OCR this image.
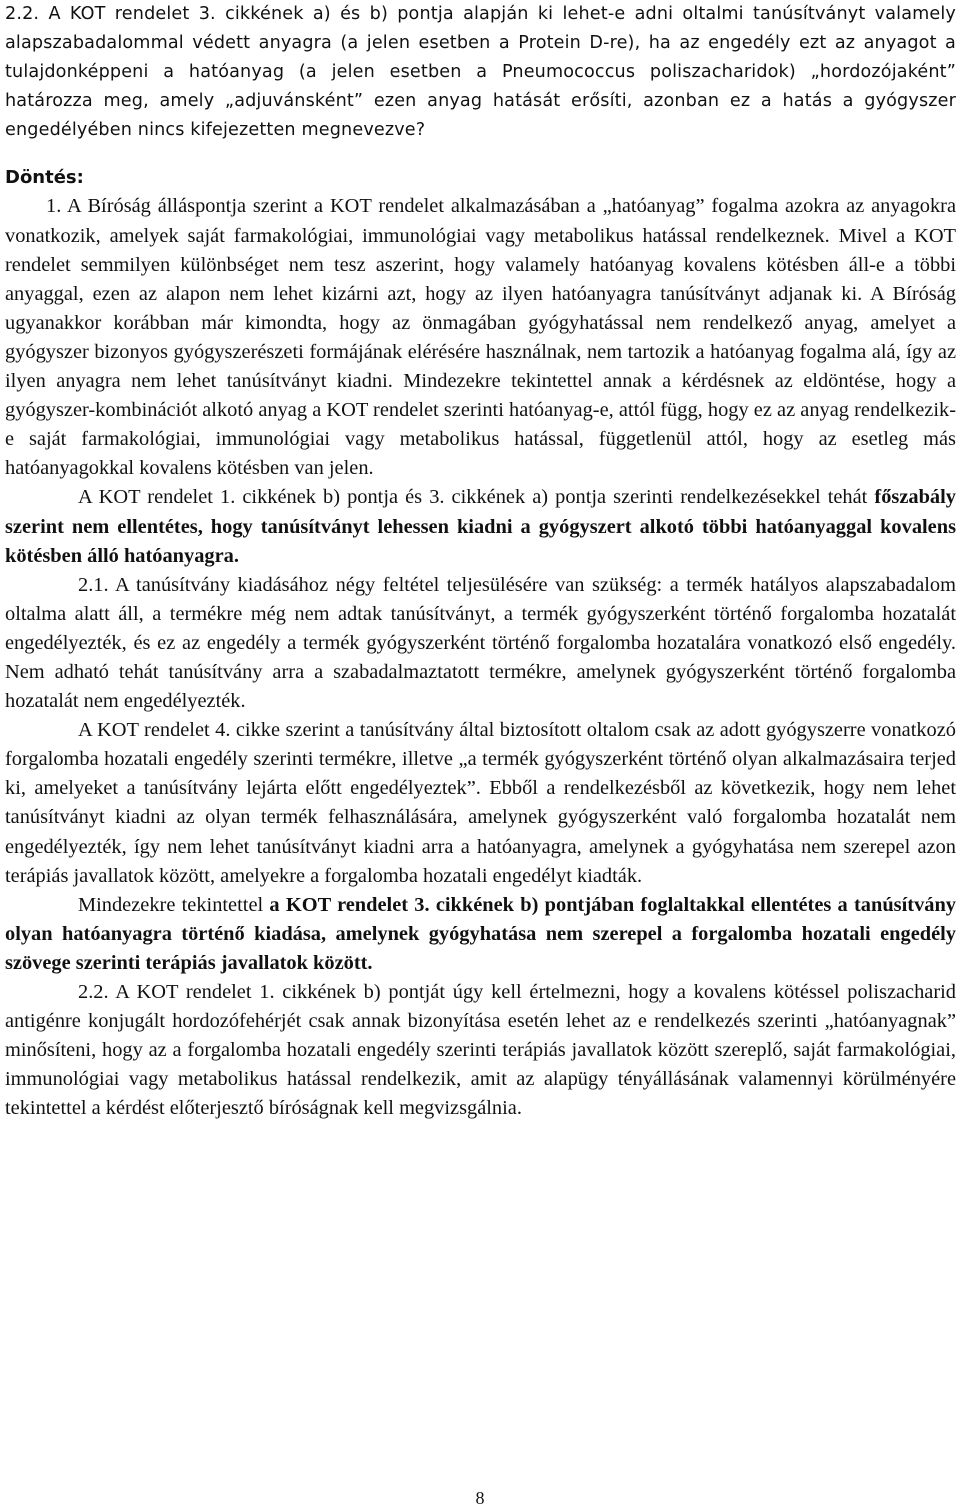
2.2. A KOT rendelet 3. cikkének a) és b) pontja alapján ki lehet-e adni oltalmi tanúsítványt valamely alapszabadalommal védett anyagra (a jelen esetben a Protein D-re), ha az engedély ezt az anyagot a tulajdonképpeni a hatóanyag (a jelen esetben a Pneumococcus poliszacharidok) „hordozójaként” határozza meg, amely „adjuvánsként” ezen anyag hatását erősíti, azonban ez a hatás a gyógyszer engedélyében nincs kifejezetten megnevezve?

Döntés:

1. A Bíróság álláspontja szerint a KOT rendelet alkalmazásában a „hatóanyag” fogalma azokra az anyagokra vonatkozik, amelyek saját farmakológiai, immunológiai vagy metabolikus hatással rendelkeznek. Mivel a KOT rendelet semmilyen különbséget nem tesz aszerint, hogy valamely hatóanyag kovalens kötésben áll-e a többi anyaggal, ezen az alapon nem lehet kizárni azt, hogy az ilyen hatóanyagra tanúsítványt adjanak ki. A Bíróság ugyanakkor korábban már kimondta, hogy az önmagában gyógyhatással nem rendelkező anyag, amelyet a gyógyszer bizonyos gyógyszerészeti formájának elérésére használnak, nem tartozik a hatóanyag fogalma alá, így az ilyen anyagra nem lehet tanúsítványt kiadni. Mindezekre tekintettel annak a kérdésnek az eldöntése, hogy a gyógyszer-kombinációt alkotó anyag a KOT rendelet szerinti hatóanyag-e, attól függ, hogy ez az anyag rendelkezik-e saját farmakológiai, immunológiai vagy metabolikus hatással, függetlenül attól, hogy az esetleg más hatóanyagokkal kovalens kötésben van jelen.

A KOT rendelet 1. cikkének b) pontja és 3. cikkének a) pontja szerinti rendelkezésekkel tehát főszabály szerint nem ellentétes, hogy tanúsítványt lehessen kiadni a gyógyszert alkotó többi hatóanyaggal kovalens kötésben álló hatóanyagra.

2.1. A tanúsítvány kiadásához négy feltétel teljesülésére van szükség: a termék hatályos alapszabadalom oltalma alatt áll, a termékre még nem adtak tanúsítványt, a termék gyógyszerként történő forgalomba hozatalát engedélyezték, és ez az engedély a termék gyógyszerként történő forgalomba hozatalára vonatkozó első engedély. Nem adható tehát tanúsítvány arra a szabadalmaztatott termékre, amelynek gyógyszerként történő forgalomba hozatalát nem engedélyezték.

A KOT rendelet 4. cikke szerint a tanúsítvány által biztosított oltalom csak az adott gyógyszerre vonatkozó forgalomba hozatali engedély szerinti termékre, illetve „a termék gyógyszerként történő olyan alkalmazásaira terjed ki, amelyeket a tanúsítvány lejárta előtt engedélyeztek”. Ebből a rendelkezésből az következik, hogy nem lehet tanúsítványt kiadni az olyan termék felhasználására, amelynek gyógyszerként való forgalomba hozatalát nem engedélyezték, így nem lehet tanúsítványt kiadni arra a hatóanyagra, amelynek a gyógyhatása nem szerepel azon terápiás javallatok között, amelyekre a forgalomba hozatali engedélyt kiadták.

Mindezekre tekintettel a KOT rendelet 3. cikkének b) pontjában foglaltakkal ellentétes a tanúsítvány olyan hatóanyagra történő kiadása, amelynek gyógyhatása nem szerepel a forgalomba hozatali engedély szövege szerinti terápiás javallatok között.

2.2. A KOT rendelet 1. cikkének b) pontját úgy kell értelmezni, hogy a kovalens kötéssel poliszacharid antigénre konjugált hordozófehérjét csak annak bizonyítása esetén lehet az e rendelkezés szerinti „hatóanyagnak” minősíteni, hogy az a forgalomba hozatali engedély szerinti terápiás javallatok között szereplő, saját farmakológiai, immunológiai vagy metabolikus hatással rendelkezik, amit az alapügy tényállásának valamennyi körülményére tekintettel a kérdést előterjesztő bíróságnak kell megvizsgálnia.

8
